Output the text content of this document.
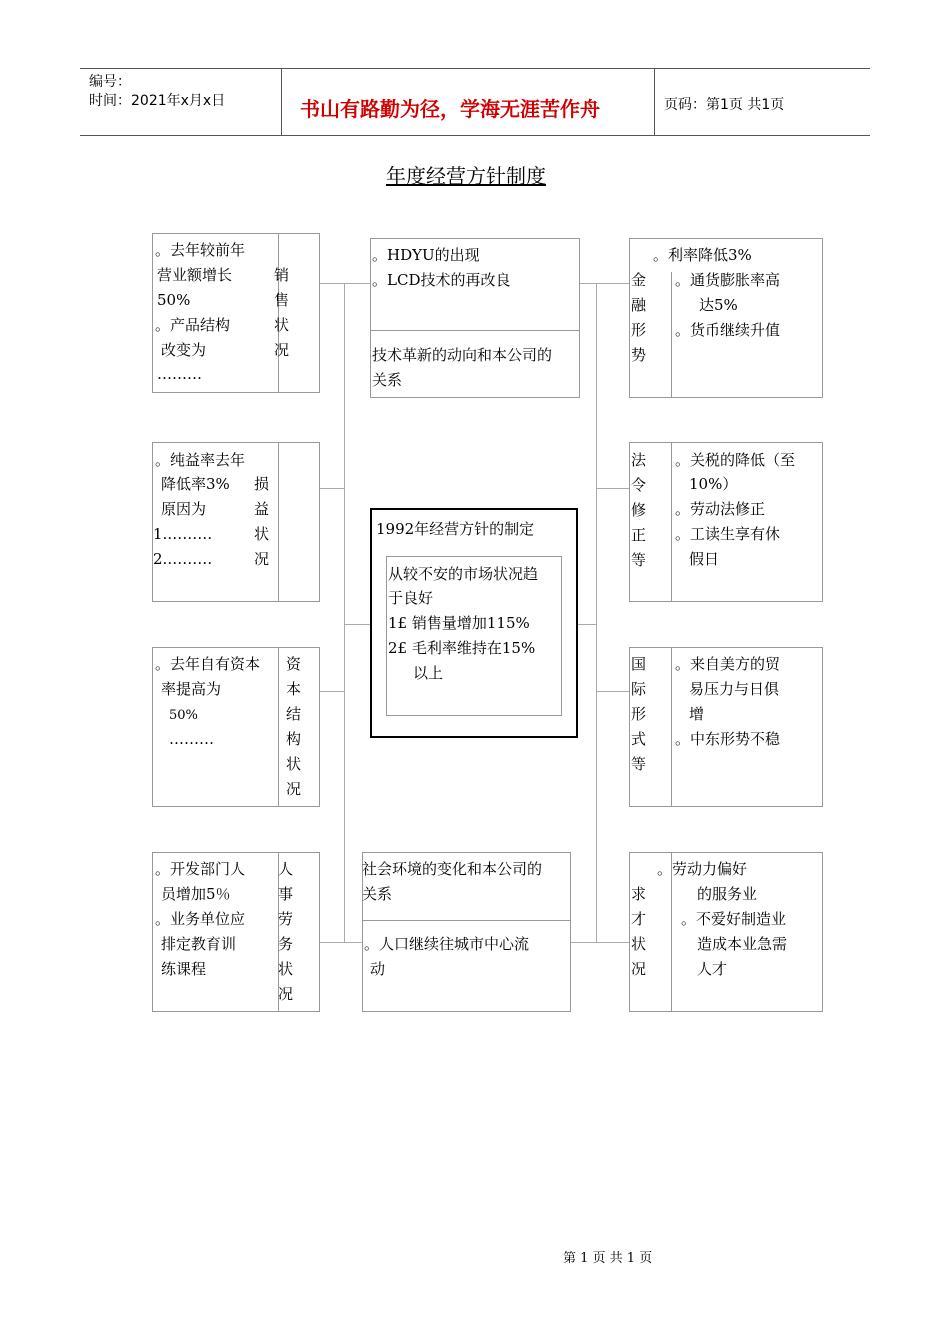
编号：
时间：2021年x月x日	书山有路勤为径，学海无涯苦作舟	页码：第1页 共1页
年度经营方针制度
。去年较前年
营业额增长
50%
。产品结构
改变为
………
销售状况
。纯益率去年
降低率3%
原因为
1.………
2.………
损益状况
。去年自有资本
率提高为
50%
………
资本结构状况
。开发部门人
员增加5％
。业务单位应
排定教育训
练课程
人事劳务状况
。HDYU的出现
。LCD技术的再改良
技术革新的动向和本公司的
关系
1992年经营方针的制定
从较不安的市场状况趋
于良好
1£ 销售量增加115%
2£ 毛利率维持在15%
以上
社会环境的变化和本公司的
关系
。人口继续往城市中心流
动
金融形势
。利率降低3%
。通货膨胀率高
达5%
。货币继续升值
法令修正等
。关税的降低（至
10%）
。劳动法修正
。工读生享有休
假日
国际形式等
。来自美方的贸
易压力与日俱
增
。中东形势不稳
求才状况
。劳动力偏好
的服务业
。不爱好制造业
造成本业急需
人才
第 1 页 共 1 页
